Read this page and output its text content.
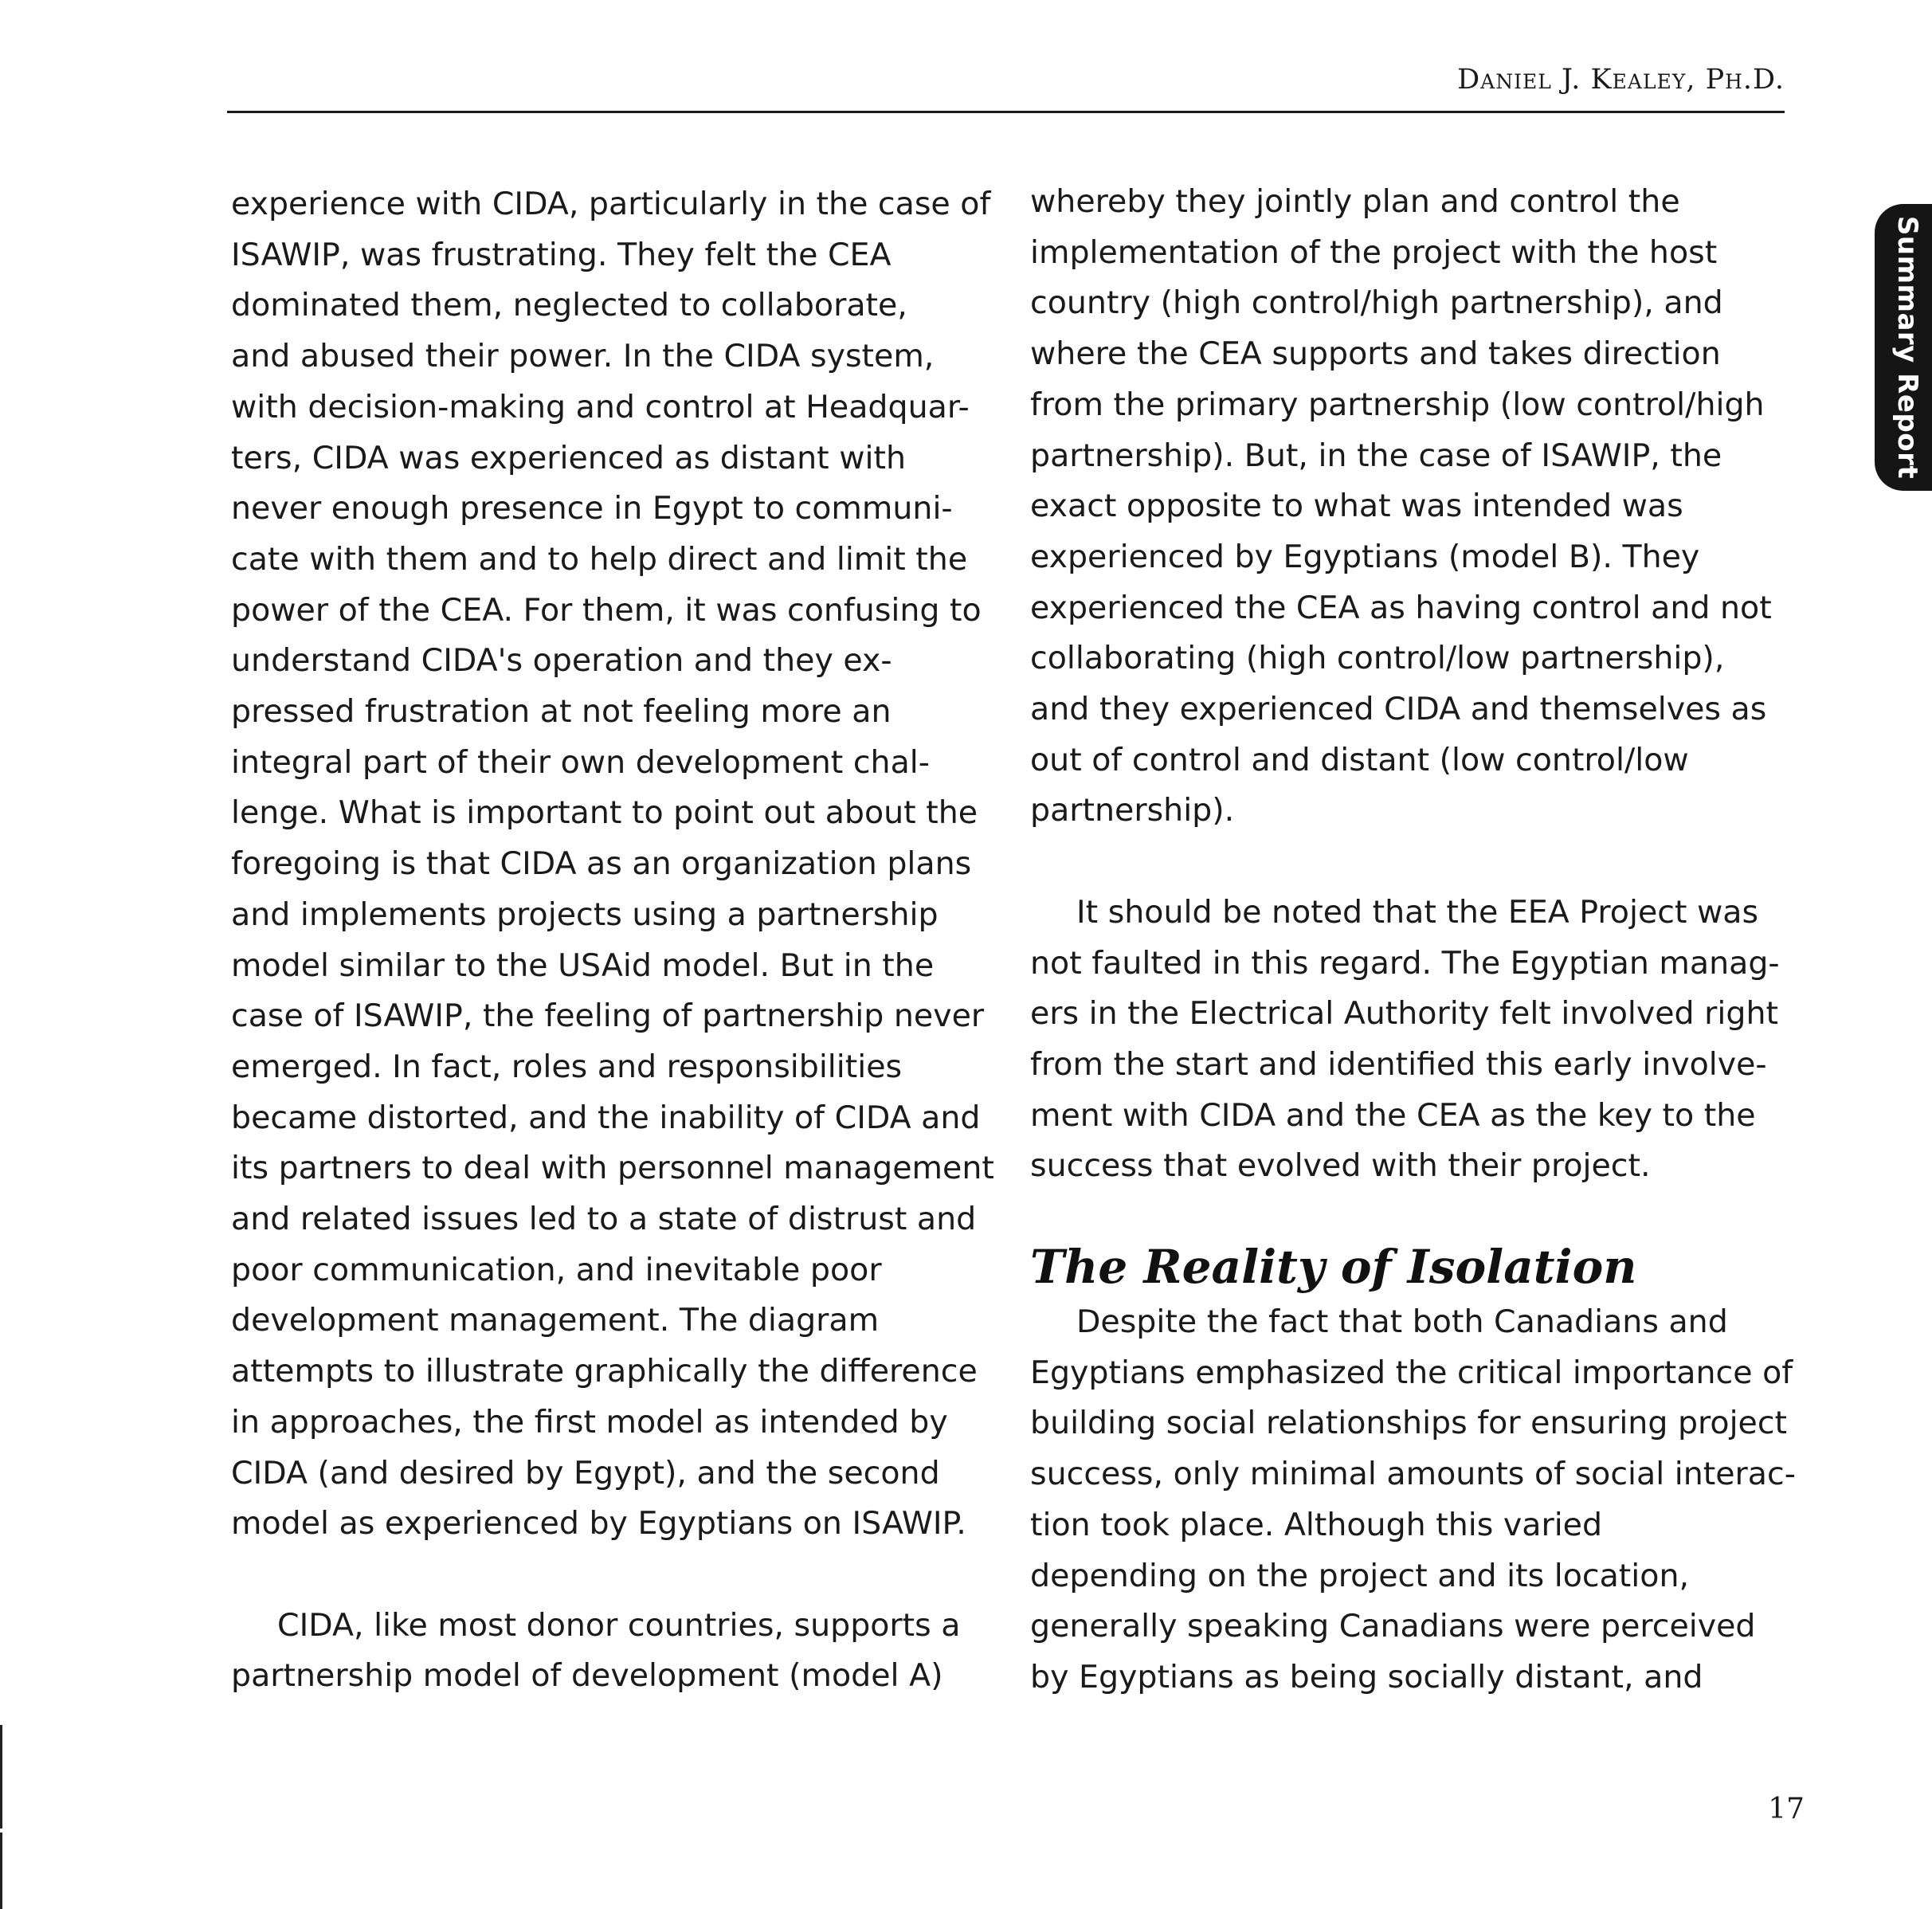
Daniel J. Kealey, Ph.D.
Summary Report
experience with CIDA, particularly in the case of
ISAWIP, was frustrating. They felt the CEA
dominated them, neglected to collaborate,
and abused their power. In the CIDA system,
with decision-making and control at Headquar-
ters, CIDA was experienced as distant with
never enough presence in Egypt to communi-
cate with them and to help direct and limit the
power of the CEA. For them, it was confusing to
understand CIDA's operation and they ex-
pressed frustration at not feeling more an
integral part of their own development chal-
lenge. What is important to point out about the
foregoing is that CIDA as an organization plans
and implements projects using a partnership
model similar to the USAid model. But in the
case of ISAWIP, the feeling of partnership never
emerged. In fact, roles and responsibilities
became distorted, and the inability of CIDA and
its partners to deal with personnel management
and related issues led to a state of distrust and
poor communication, and inevitable poor
development management. The diagram
attempts to illustrate graphically the difference
in approaches, the first model as intended by
CIDA (and desired by Egypt), and the second
model as experienced by Egyptians on ISAWIP.
CIDA, like most donor countries, supports a
partnership model of development (model A)
whereby they jointly plan and control the
implementation of the project with the host
country (high control/high partnership), and
where the CEA supports and takes direction
from the primary partnership (low control/high
partnership). But, in the case of ISAWIP, the
exact opposite to what was intended was
experienced by Egyptians (model B). They
experienced the CEA as having control and not
collaborating (high control/low partnership),
and they experienced CIDA and themselves as
out of control and distant (low control/low
partnership).
It should be noted that the EEA Project was
not faulted in this regard. The Egyptian manag-
ers in the Electrical Authority felt involved right
from the start and identified this early involve-
ment with CIDA and the CEA as the key to the
success that evolved with their project.
The Reality of Isolation
Despite the fact that both Canadians and
Egyptians emphasized the critical importance of
building social relationships for ensuring project
success, only minimal amounts of social interac-
tion took place. Although this varied
depending on the project and its location,
generally speaking Canadians were perceived
by Egyptians as being socially distant, and
17
